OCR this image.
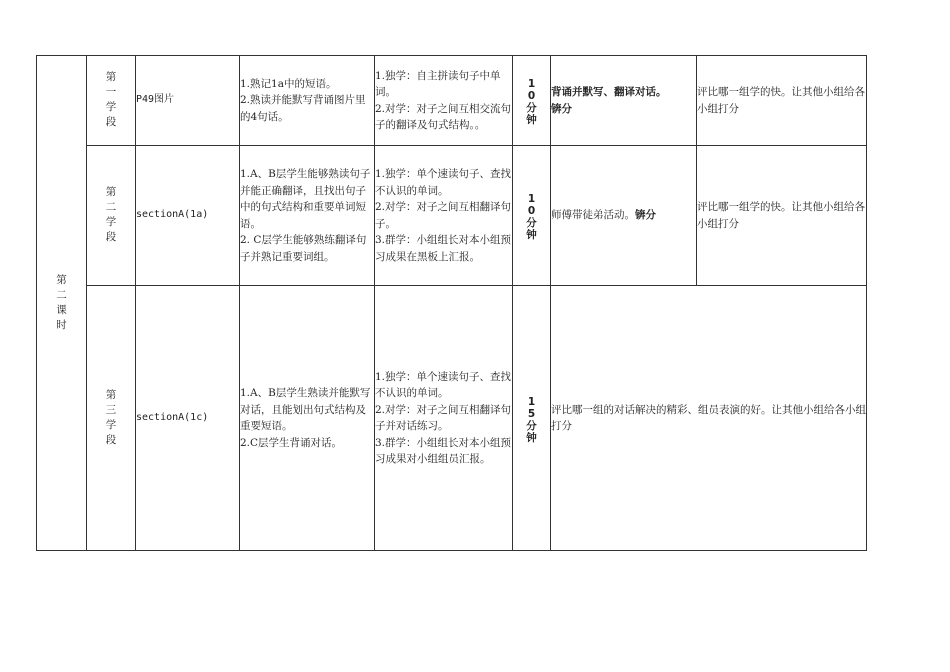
第二课时	第一学段	P49图片	1.熟记1a中的短语。
2.熟读并能默写背诵图片里的4句话。	1.独学：自主拼读句子中单词。
2.对学：对子之间互相交流句子的翻译及句式结构。。	10分钟	背诵并默写、翻译对话。
锛分	评比哪一组学的快。让其他小组给各小组打分
	第二学段	sectionA(1a)	1.A、B层学生能够熟读句子并能正确翻译，且找出句子中的句式结构和重要单词短语。
2. C层学生能够熟练翻译句子并熟记重要词组。	1.独学：单个速读句子、查找不认识的单词。
2.对学：对子之间互相翻译句子。
3.群学：小组组长对本小组预习成果在黑板上汇报。	10分钟	师傅带徒弟活动。锛分	评比哪一组学的快。让其他小组给各小组打分
	第三学段	sectionA(1c)	1.A、B层学生熟读并能默写对话，且能划出句式结构及重要短语。
2.C层学生背诵对话。	1.独学：单个速读句子、查找不认识的单词。
2.对学：对子之间互相翻译句子并对话练习。
3.群学：小组组长对本小组预习成果对小组组员汇报。	15分钟	评比哪一组的对话解决的精彩、组员表演的好。让其他小组给各小组打分	
